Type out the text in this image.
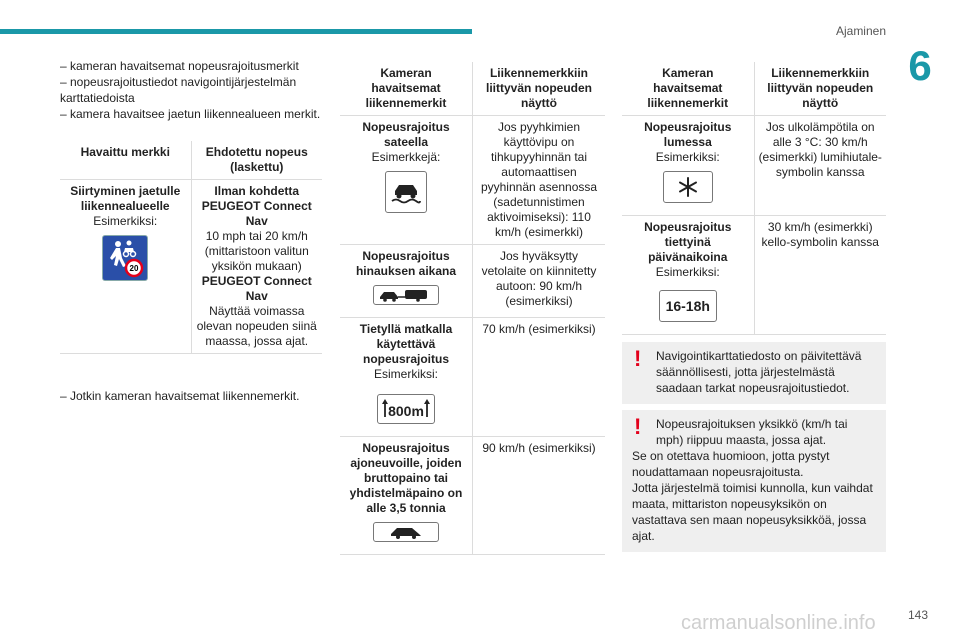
Ajaminen
6

– kameran havaitsemat nopeusrajoitusmerkit

– nopeusrajoitustiedot navigointijärjestelmän karttatiedoista

– kamera havaitsee jaetun liikennealueen merkit.

Havaittu merkki	Ehdotettu nopeus (laskettu)

Siirtyminen jaetulle liikennealueelle
Esimerkiksi:
20	Ilman kohdetta PEUGEOT Connect Nav
10 mph tai 20 km/h (mittaristoon valitun yksikön mukaan)
PEUGEOT Connect Nav
Näyttää voimassa olevan nopeuden siinä maassa, jossa ajat.
– Jotkin kameran havaitsemat liikennemerkit.
Kameran havaitsemat liikennemerkit	Liikennemerkkiin liittyvän nopeuden näyttö

Nopeusrajoitus sateella
Esimerkkejä:	Jos pyyhkimien käyttövipu on tihkupyyhinnän tai automaattisen pyyhinnän asennossa (sadetunnistimen aktivoimiseksi): 110 km/h (esimerkki)

Nopeusrajoitus hinauksen aikana	Jos hyväksytty vetolaite on kiinnitetty autoon: 90 km/h (esimerkiksi)

Tietyllä matkalla käytettävä nopeusrajoitus
Esimerkiksi:
800m	70 km/h (esimerkiksi)

Nopeusrajoitus ajoneuvoille, joiden bruttopaino tai yhdistelmäpaino on alle 3,5 tonnia	90 km/h (esimerkiksi)
Kameran havaitsemat liikennemerkit	Liikennemerkkiin liittyvän nopeuden näyttö

Nopeusrajoitus lumessa
Esimerkiksi:	Jos ulkolämpötila on alle 3 °C: 30 km/h (esimerkki) lumihiutale-symbolin kanssa

Nopeusrajoitus tiettyinä päivänaikoina
Esimerkiksi:
16-18h	30 km/h (esimerkki) kello-symbolin kanssa
!	Navigointikarttatiedosto on päivitettävä säännöllisesti, jotta järjestelmästä saadaan tarkat nopeusrajoitustiedot.

!	Nopeusrajoituksen yksikkö (km/h tai mph) riippuu maasta, jossa ajat.

Se on otettava huomioon, jotta pystyt noudattamaan nopeusrajoitusta.

Jotta järjestelmä toimisi kunnolla, kun vaihdat maata, mittariston nopeusyksikön on vastattava sen maan nopeusyksikköä, jossa ajat.

carmanualsonline.info	143
